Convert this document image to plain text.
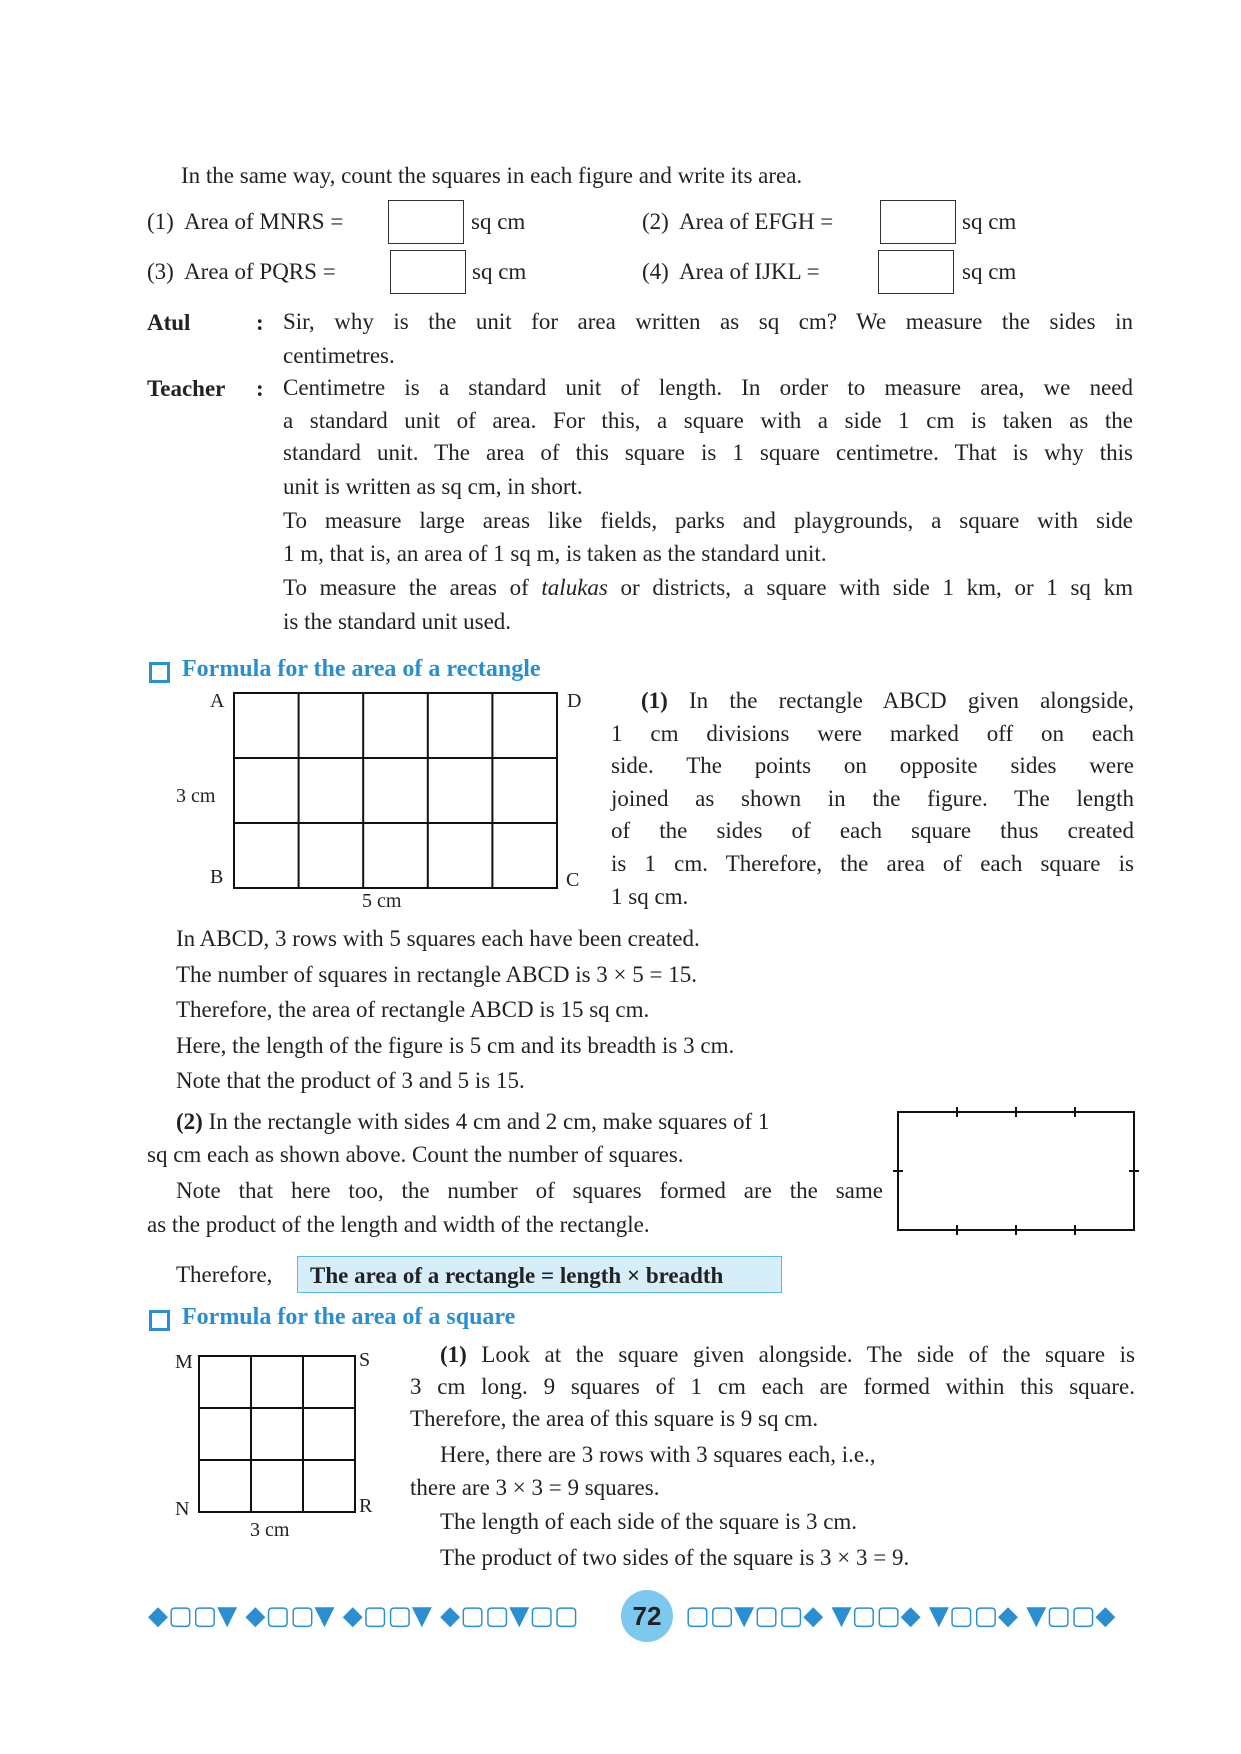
In the same way, count the squares in each figure and write its area.
(1) Area of MNRS =	sq cm	(2) Area of EFGH =	sq cm
(3) Area of PQRS =	sq cm	(4) Area of IJKL =	sq cm
Atul	: Sir, why is the unit for area written as sq cm? We measure the sides in
centimetres.
Teacher : Centimetre is a standard unit of length. In order to measure area, we need
a standard unit of area. For this, a square with a side 1 cm is taken as the
standard unit. The area of this square is 1 square centimetre. That is why this
unit is written as sq cm, in short.
To measure large areas like fields, parks and playgrounds, a square with side
1 m, that is, an area of 1 sq m, is taken as the standard unit.
To measure the areas of talukas or districts, a square with side 1 km, or 1 sq km
is the standard unit used.
Formula for the area of a rectangle
A	D
B	C
3 cm
5 cm
(1) In the rectangle ABCD given alongside,
1 cm divisions were marked off on each
side. The points on opposite sides were
joined as shown in the figure. The length
of the sides of each square thus created
is 1 cm. Therefore, the area of each square is
1 sq cm.
In ABCD, 3 rows with 5 squares each have been created.
The number of squares in rectangle ABCD is 3 × 5 = 15.
Therefore, the area of rectangle ABCD is 15 sq cm.
Here, the length of the figure is 5 cm and its breadth is 3 cm.
Note that the product of 3 and 5 is 15.
(2) In the rectangle with sides 4 cm and 2 cm, make squares of 1
sq cm each as shown above. Count the number of squares.
Note that here too, the number of squares formed are the same
as the product of the length and width of the rectangle.
Therefore,	The area of a rectangle = length × breadth
Formula for the area of a square
M	S
N	R
3 cm
(1) Look at the square given alongside. The side of the square is
3 cm long. 9 squares of 1 cm each are formed within this square.
Therefore, the area of this square is 9 sq cm.
Here, there are 3 rows with 3 squares each, i.e.,
there are 3 × 3 = 9 squares.
The length of each side of the square is 3 cm.
The product of two sides of the square is 3 × 3 = 9.
◆▢▢▼ ◆▢▢▼ ◆▢▢▼ ◆▢▢▼▢▢	72 ▢▢▼▢▢◆ ▼▢▢◆ ▼▢▢◆ ▼▢▢◆
